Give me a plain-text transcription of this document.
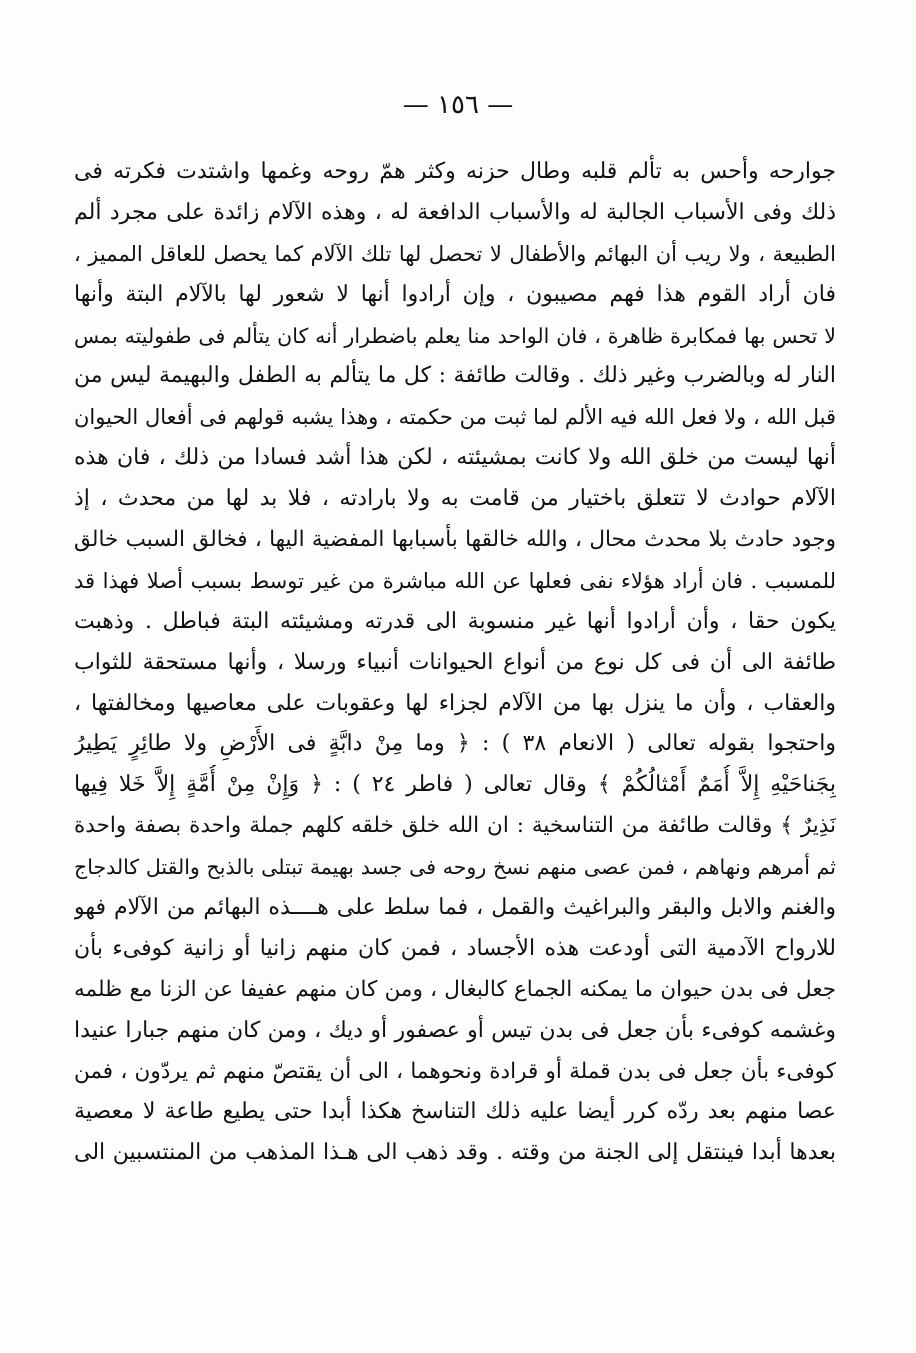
— ١٥٦ —
جوارحه وأحس به تألم قلبه وطال حزنه وكثر همّ روحه وغمها واشتدت فكرته فى
ذلك وفى الأسباب الجالبة له والأسباب الدافعة له ، وهذه الآلام زائدة على مجرد ألم
الطبيعة ، ولا ريب أن البهائم والأطفال لا تحصل لها تلك الآلام كما يحصل للعاقل المميز ،
فان أراد القوم هذا فهم مصيبون ، وإن أرادوا أنها لا شعور لها بالآلام البتة وأنها
لا تحس بها فمكابرة ظاهرة ، فان الواحد منا يعلم باضطرار أنه كان يتألم فى طفوليته بمس
النار له وبالضرب وغير ذلك . وقالت طائفة : كل ما يتألم به الطفل والبهيمة ليس من
قبل الله ، ولا فعل الله فيه الألم لما ثبت من حكمته ، وهذا يشبه قولهم فى أفعال الحيوان
أنها ليست من خلق الله ولا كانت بمشيئته ، لكن هذا أشد فسادا من ذلك ، فان هذه
الآلام حوادث لا تتعلق باختيار من قامت به ولا بارادته ، فلا بد لها من محدث ، إذ
وجود حادث بلا محدث محال ، والله خالقها بأسبابها المفضية اليها ، فخالق السبب خالق
للمسبب . فان أراد هؤلاء نفى فعلها عن الله مباشرة من غير توسط بسبب أصلا فهذا قد
يكون حقا ، وأن أرادوا أنها غير منسوبة الى قدرته ومشيئته البتة فباطل . وذهبت
طائفة الى أن فى كل نوع من أنواع الحيوانات أنبياء ورسلا ، وأنها مستحقة للثواب
والعقاب ، وأن ما ينزل بها من الآلام لجزاء لها وعقوبات على معاصيها ومخالفتها ،
واحتجوا بقوله تعالى ( الانعام ٣٨ ) : ﴿ وما مِنْ دابَّةٍ فى الأَرْضِ ولا طائِرٍ يَطِيرُ
بِجَناحَيْهِ إِلاَّ أُمَمٌ أَمْثالُكُمْ ﴾ وقال تعالى ( فاطر ٢٤ ) : ﴿ وَإِنْ مِنْ أُمَّةٍ إِلاَّ خَلا فِيها
نَذِيرٌ ﴾ وقالت طائفة من التناسخية : ان الله خلق خلقه كلهم جملة واحدة بصفة واحدة
ثم أمرهم ونهاهم ، فمن عصى منهم نسخ روحه فى جسد بهيمة تبتلى بالذبح والقتل كالدجاج
والغنم والابل والبقر والبراغيث والقمل ، فما سلط على هــــذه البهائم من الآلام فهو
للارواح الآدمية التى أودعت هذه الأجساد ، فمن كان منهم زانيا أو زانية كوفىء بأن
جعل فى بدن حيوان ما يمكنه الجماع كالبغال ، ومن كان منهم عفيفا عن الزنا مع ظلمه
وغشمه كوفىء بأن جعل فى بدن تيس أو عصفور أو ديك ، ومن كان منهم جبارا عنيدا
كوفىء بأن جعل فى بدن قملة أو قرادة ونحوهما ، الى أن يقتصّ منهم ثم يردّون ، فمن
عصا منهم بعد ردّه كرر أيضا عليه ذلك التناسخ هكذا أبدا حتى يطيع طاعة لا معصية
بعدها أبدا فينتقل إلى الجنة من وقته . وقد ذهب الى هـذا المذهب من المنتسبين الى
